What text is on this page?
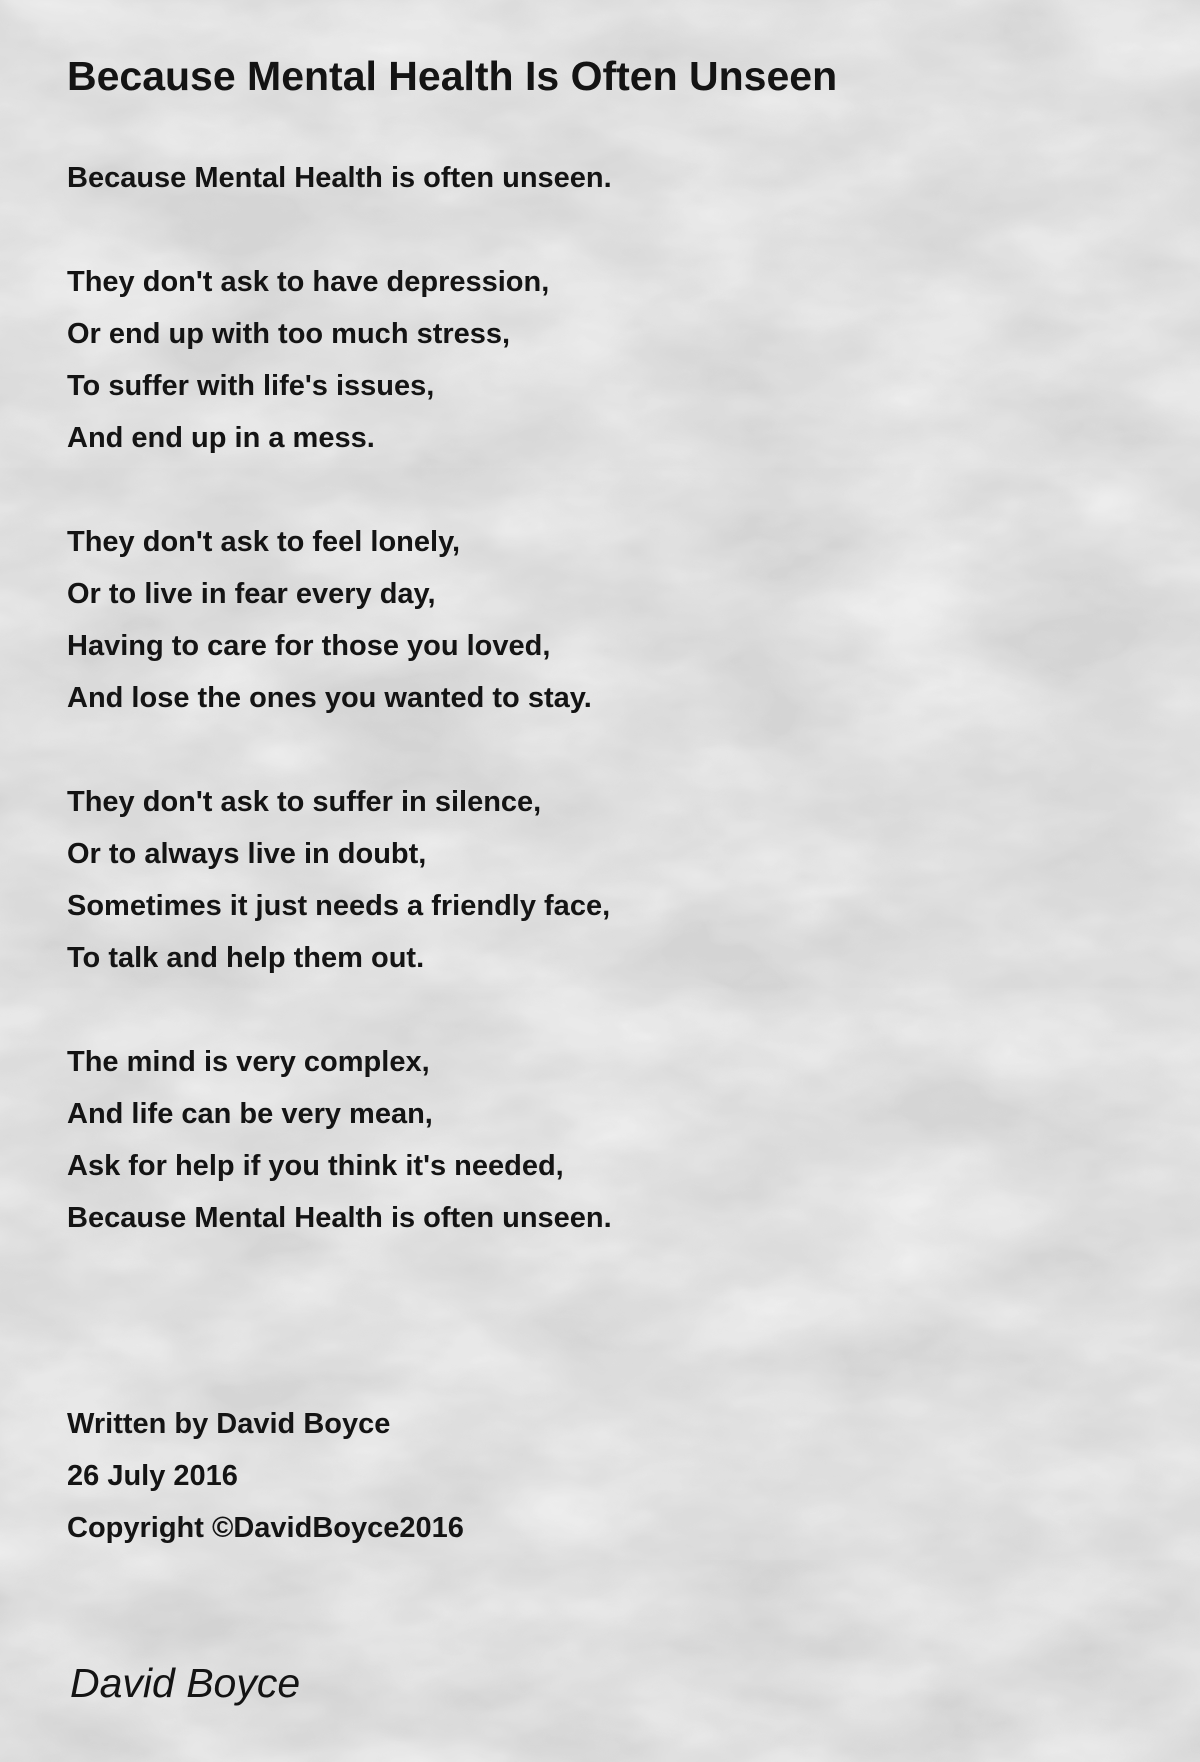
Because Mental Health Is Often Unseen
Because Mental Health is often unseen.
They don't ask to have depression,
Or end up with too much stress,
To suffer with life's issues,
And end up in a mess.
They don't ask to feel lonely,
Or to live in fear every day,
Having to care for those you loved,
And lose the ones you wanted to stay.
They don't ask to suffer in silence,
Or to always live in doubt,
Sometimes it just needs a friendly face,
To talk and help them out.
The mind is very complex,
And life can be very mean,
Ask for help if you think it's needed,
Because Mental Health is often unseen.
Written by David Boyce
26 July 2016
Copyright ©DavidBoyce2016
David Boyce
